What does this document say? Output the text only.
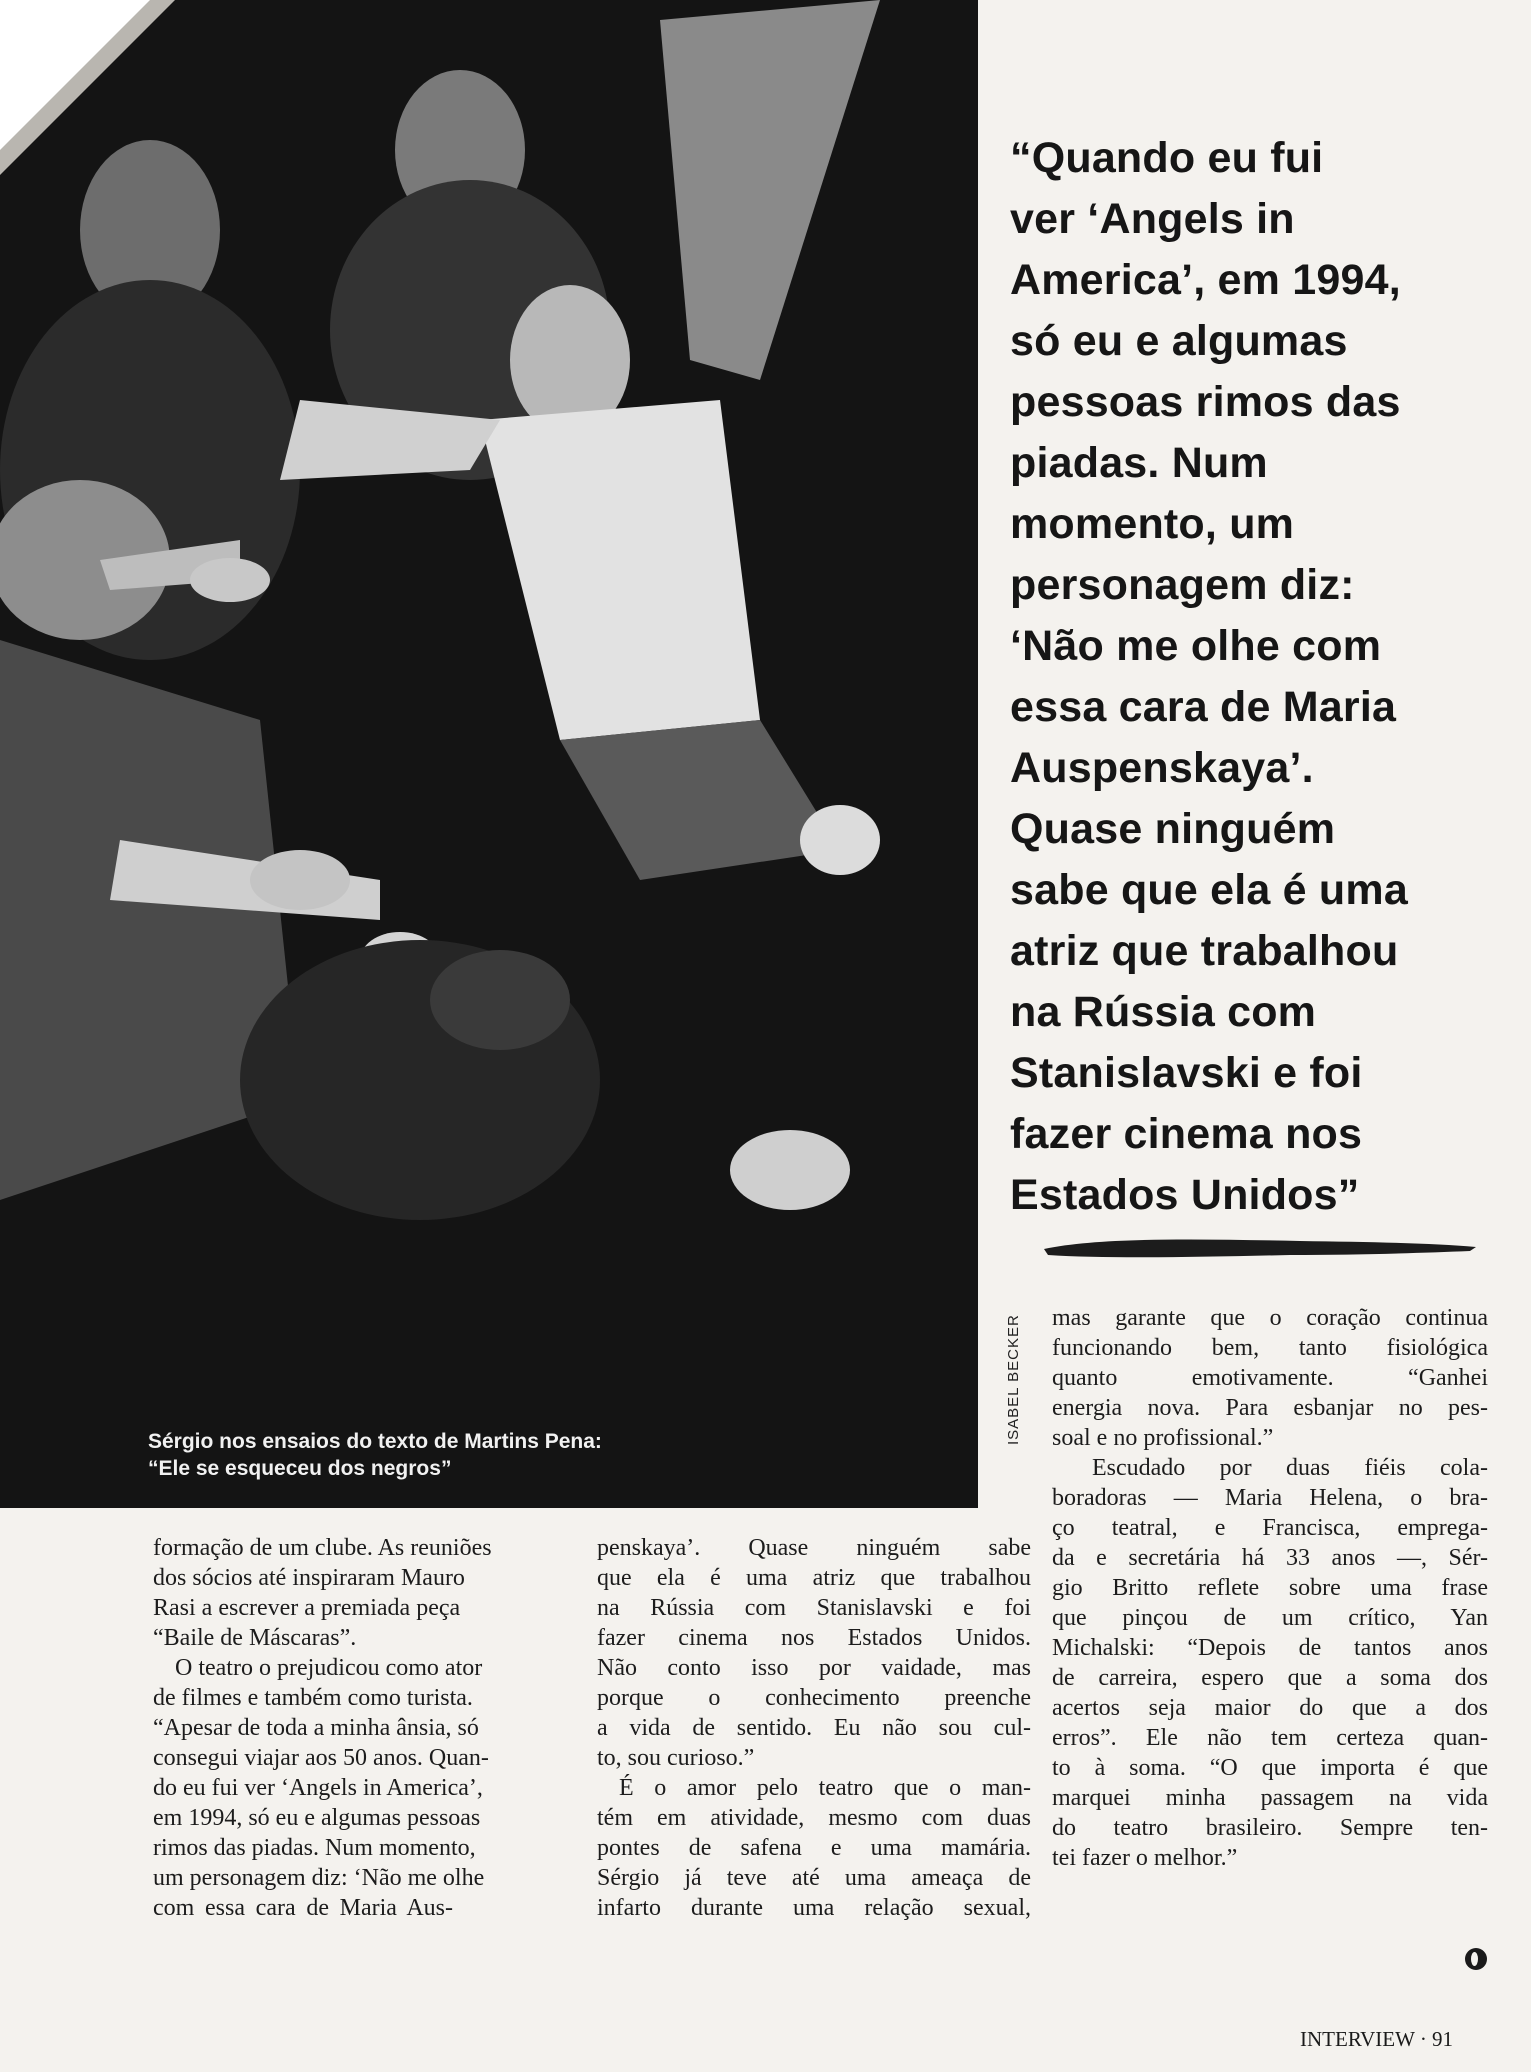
Sérgio nos ensaios do texto de Martins Pena:
“Ele se esqueceu dos negros”
ISABEL BECKER
“Quando eu fui
ver ‘Angels in
America’, em 1994,
só eu e algumas
pessoas rimos das
piadas. Num
momento, um
personagem diz:
‘Não me olhe com
essa cara de Maria
Auspenskaya’.
Quase ninguém
sabe que ela é uma
atriz que trabalhou
na Rússia com
Stanislavski e foi
fazer cinema nos
Estados Unidos”
formação de um clube. As reuniões
dos sócios até inspiraram Mauro
Rasi a escrever a premiada peça
“Baile de Máscaras”.
O teatro o prejudicou como ator
de filmes e também como turista.
“Apesar de toda a minha ânsia, só
consegui viajar aos 50 anos. Quan-
do eu fui ver ‘Angels in America’,
em 1994, só eu e algumas pessoas
rimos das piadas. Num momento,
um personagem diz: ‘Não me olhe
com essa cara de Maria Aus-
penskaya’. Quase ninguém sabe
que ela é uma atriz que trabalhou
na Rússia com Stanislavski e foi
fazer cinema nos Estados Unidos.
Não conto isso por vaidade, mas
porque o conhecimento preenche
a vida de sentido. Eu não sou cul-
to, sou curioso.”
É o amor pelo teatro que o man-
tém em atividade, mesmo com duas
pontes de safena e uma mamária.
Sérgio já teve até uma ameaça de
infarto durante uma relação sexual,
mas garante que o coração continua
funcionando bem, tanto fisiológica
quanto emotivamente. “Ganhei
energia nova. Para esbanjar no pes-
soal e no profissional.”
Escudado por duas fiéis cola-
boradoras — Maria Helena, o bra-
ço teatral, e Francisca, emprega-
da e secretária há 33 anos —, Sér-
gio Britto reflete sobre uma frase
que pinçou de um crítico, Yan
Michalski: “Depois de tantos anos
de carreira, espero que a soma dos
acertos seja maior do que a dos
erros”. Ele não tem certeza quan-
to à soma. “O que importa é que
marquei minha passagem na vida
do teatro brasileiro. Sempre ten-
tei fazer o melhor.”
INTERVIEW · 91
